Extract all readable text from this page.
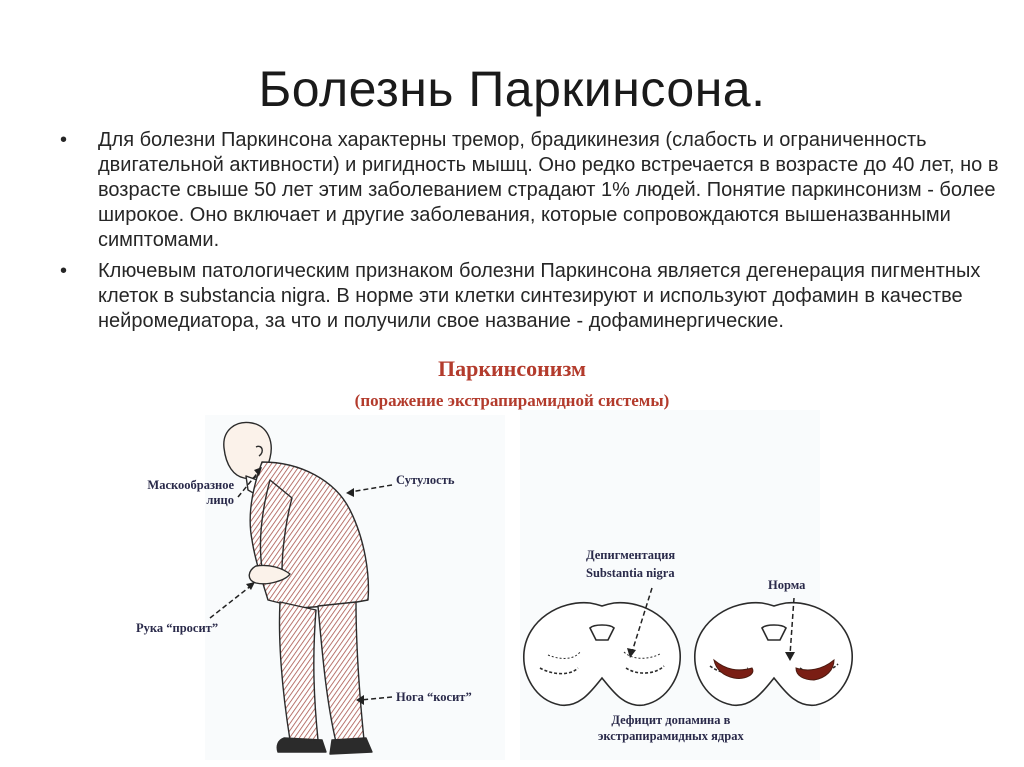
Болезнь Паркинсона.
• Для болезни Паркинсона характерны тремор, брадикинезия (слабость и ограниченность двигательной активности) и ригидность мышц. Оно редко встречается в возрасте до 40 лет, но в возрасте свыше 50 лет этим заболеванием страдают 1% людей. Понятие паркинсонизм - более широкое. Оно включает и другие заболевания, которые сопровождаются вышеназванными симптомами.
• Ключевым патологическим признаком болезни Паркинсона является дегенерация пигментных клеток в substancia nigra. В норме эти клетки синтезируют и используют дофамин в качестве нейромедиатора, за что и получили свое название - дофаминергические.
Паркинсонизм
(поражение экстрапирамидной системы)
Маскообразное
лицо
Сутулость
Рука “просит”
Нога “косит”
Депигментация
Substantia nigra
Норма
Дефицит допамина в
экстрапирамидных ядрах
